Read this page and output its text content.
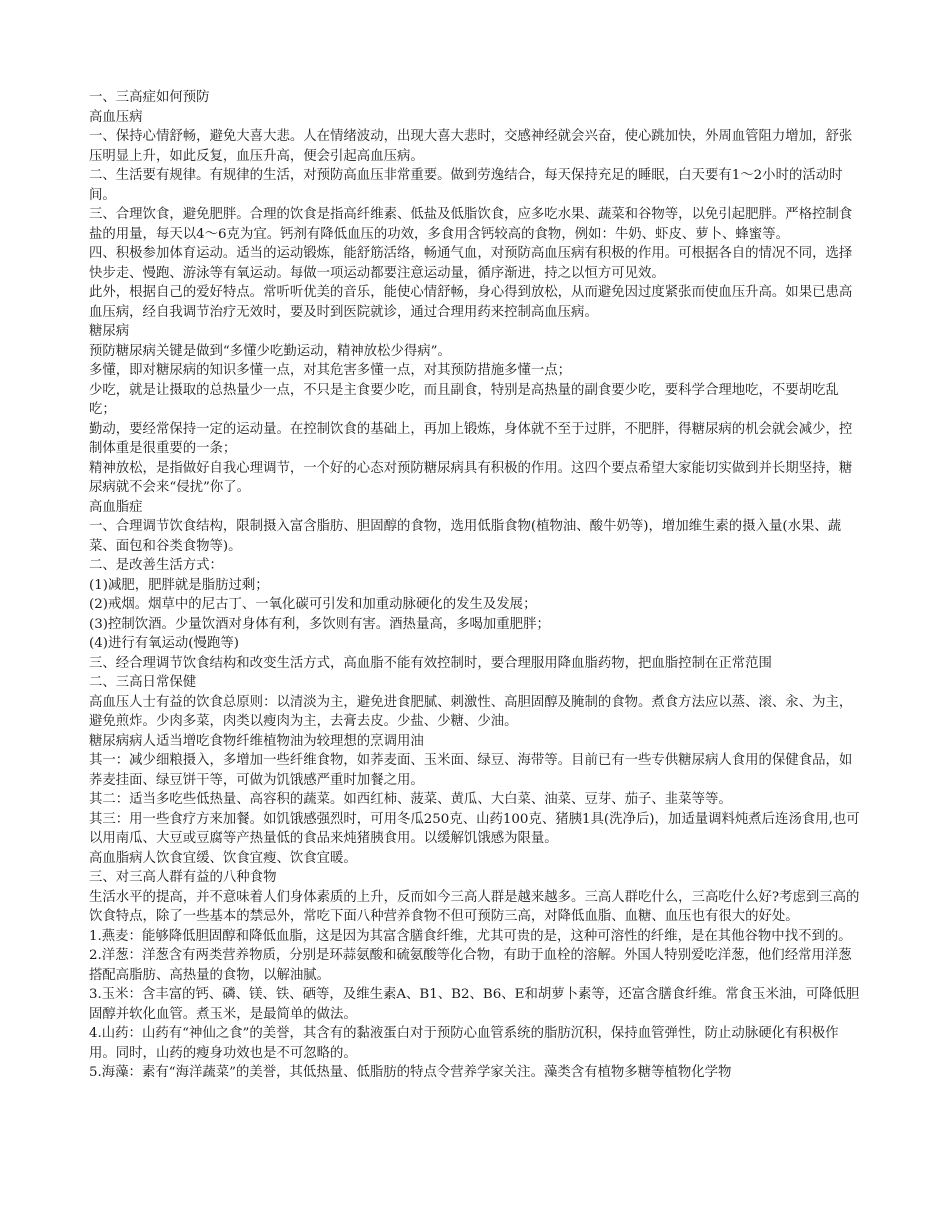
一、三高症如何预防

高血压病

一、保持心情舒畅，避免大喜大悲。人在情绪波动，出现大喜大悲时，交感神经就会兴奋，使心跳加快，外周血管阻力增加，舒张压明显上升，如此反复，血压升高，便会引起高血压病。

二、生活要有规律。有规律的生活，对预防高血压非常重要。做到劳逸结合，每天保持充足的睡眠，白天要有1～2小时的活动时间。

三、合理饮食，避免肥胖。合理的饮食是指高纤维素、低盐及低脂饮食，应多吃水果、蔬菜和谷物等，以免引起肥胖。严格控制食盐的用量，每天以4～6克为宜。钙剂有降低血压的功效，多食用含钙较高的食物，例如：牛奶、虾皮、萝卜、蜂蜜等。

四、积极参加体育运动。适当的运动锻炼，能舒筋活络，畅通气血，对预防高血压病有积极的作用。可根据各自的情况不同，选择快步走、慢跑、游泳等有氧运动。每做一项运动都要注意运动量，循序渐进，持之以恒方可见效。

此外，根据自己的爱好特点。常听听优美的音乐，能使心情舒畅，身心得到放松，从而避免因过度紧张而使血压升高。如果已患高血压病，经自我调节治疗无效时，要及时到医院就诊，通过合理用药来控制高血压病。

糖尿病

预防糖尿病关键是做到“多懂少吃勤运动，精神放松少得病”。

多懂，即对糖尿病的知识多懂一点，对其危害多懂一点，对其预防措施多懂一点；

少吃，就是让摄取的总热量少一点，不只是主食要少吃，而且副食，特别是高热量的副食要少吃，要科学合理地吃，不要胡吃乱吃；

勤动，要经常保持一定的运动量。在控制饮食的基础上，再加上锻炼，身体就不至于过胖，不肥胖，得糖尿病的机会就会减少，控制体重是很重要的一条；

精神放松，是指做好自我心理调节，一个好的心态对预防糖尿病具有积极的作用。这四个要点希望大家能切实做到并长期坚持，糖尿病就不会来“侵扰”你了。

高血脂症

一、合理调节饮食结构，限制摄入富含脂肪、胆固醇的食物，选用低脂食物(植物油、酸牛奶等)，增加维生素的摄入量(水果、蔬菜、面包和谷类食物等)。

二、是改善生活方式：

(1)减肥，肥胖就是脂肪过剩；

(2)戒烟。烟草中的尼古丁、一氧化碳可引发和加重动脉硬化的发生及发展；

(3)控制饮酒。少量饮酒对身体有利，多饮则有害。酒热量高，多喝加重肥胖；

(4)进行有氧运动(慢跑等)

三、经合理调节饮食结构和改变生活方式，高血脂不能有效控制时，要合理服用降血脂药物，把血脂控制在正常范围

二、三高日常保健

高血压人士有益的饮食总原则：以清淡为主，避免进食肥腻、刺激性、高胆固醇及腌制的食物。煮食方法应以蒸、滚、汆、为主，避免煎炸。少肉多菜，肉类以瘦肉为主，去膏去皮。少盐、少糖、少油。

糖尿病病人适当增吃食物纤维植物油为较理想的烹调用油

其一：减少细粮摄入，多增加一些纤维食物，如荞麦面、玉米面、绿豆、海带等。目前已有一些专供糖尿病人食用的保健食品，如荞麦挂面、绿豆饼干等，可做为饥饿感严重时加餐之用。

其二：适当多吃些低热量、高容积的蔬菜。如西红柿、菠菜、黄瓜、大白菜、油菜、豆芽、茄子、韭菜等等。

其三：用一些食疗方来加餐。如饥饿感强烈时，可用冬瓜250克、山药100克、猪胰1具(洗净后)，加适量调料炖煮后连汤食用,也可以用南瓜、大豆或豆腐等产热量低的食品来炖猪胰食用。以缓解饥饿感为限量。

高血脂病人饮食宜缓、饮食宜瘦、饮食宜暖。

三、对三高人群有益的八种食物

生活水平的提高，并不意味着人们身体素质的上升，反而如今三高人群是越来越多。三高人群吃什么，三高吃什么好?考虑到三高的饮食特点，除了一些基本的禁忌外，常吃下面八种营养食物不但可预防三高，对降低血脂、血糖、血压也有很大的好处。

1.燕麦：能够降低胆固醇和降低血脂，这是因为其富含膳食纤维，尤其可贵的是，这种可溶性的纤维，是在其他谷物中找不到的。

2.洋葱：洋葱含有两类营养物质，分别是环蒜氨酸和硫氨酸等化合物，有助于血栓的溶解。外国人特别爱吃洋葱，他们经常用洋葱搭配高脂肪、高热量的食物，以解油腻。

3.玉米：含丰富的钙、磷、镁、铁、硒等，及维生素A、B1、B2、B6、E和胡萝卜素等，还富含膳食纤维。常食玉米油，可降低胆固醇并软化血管。煮玉米，是最简单的做法。

4.山药：山药有“神仙之食”的美誉，其含有的黏液蛋白对于预防心血管系统的脂肪沉积，保持血管弹性，防止动脉硬化有积极作用。同时，山药的瘦身功效也是不可忽略的。

5.海藻：素有“海洋蔬菜”的美誉，其低热量、低脂肪的特点令营养学家关注。藻类含有植物多糖等植物化学物
